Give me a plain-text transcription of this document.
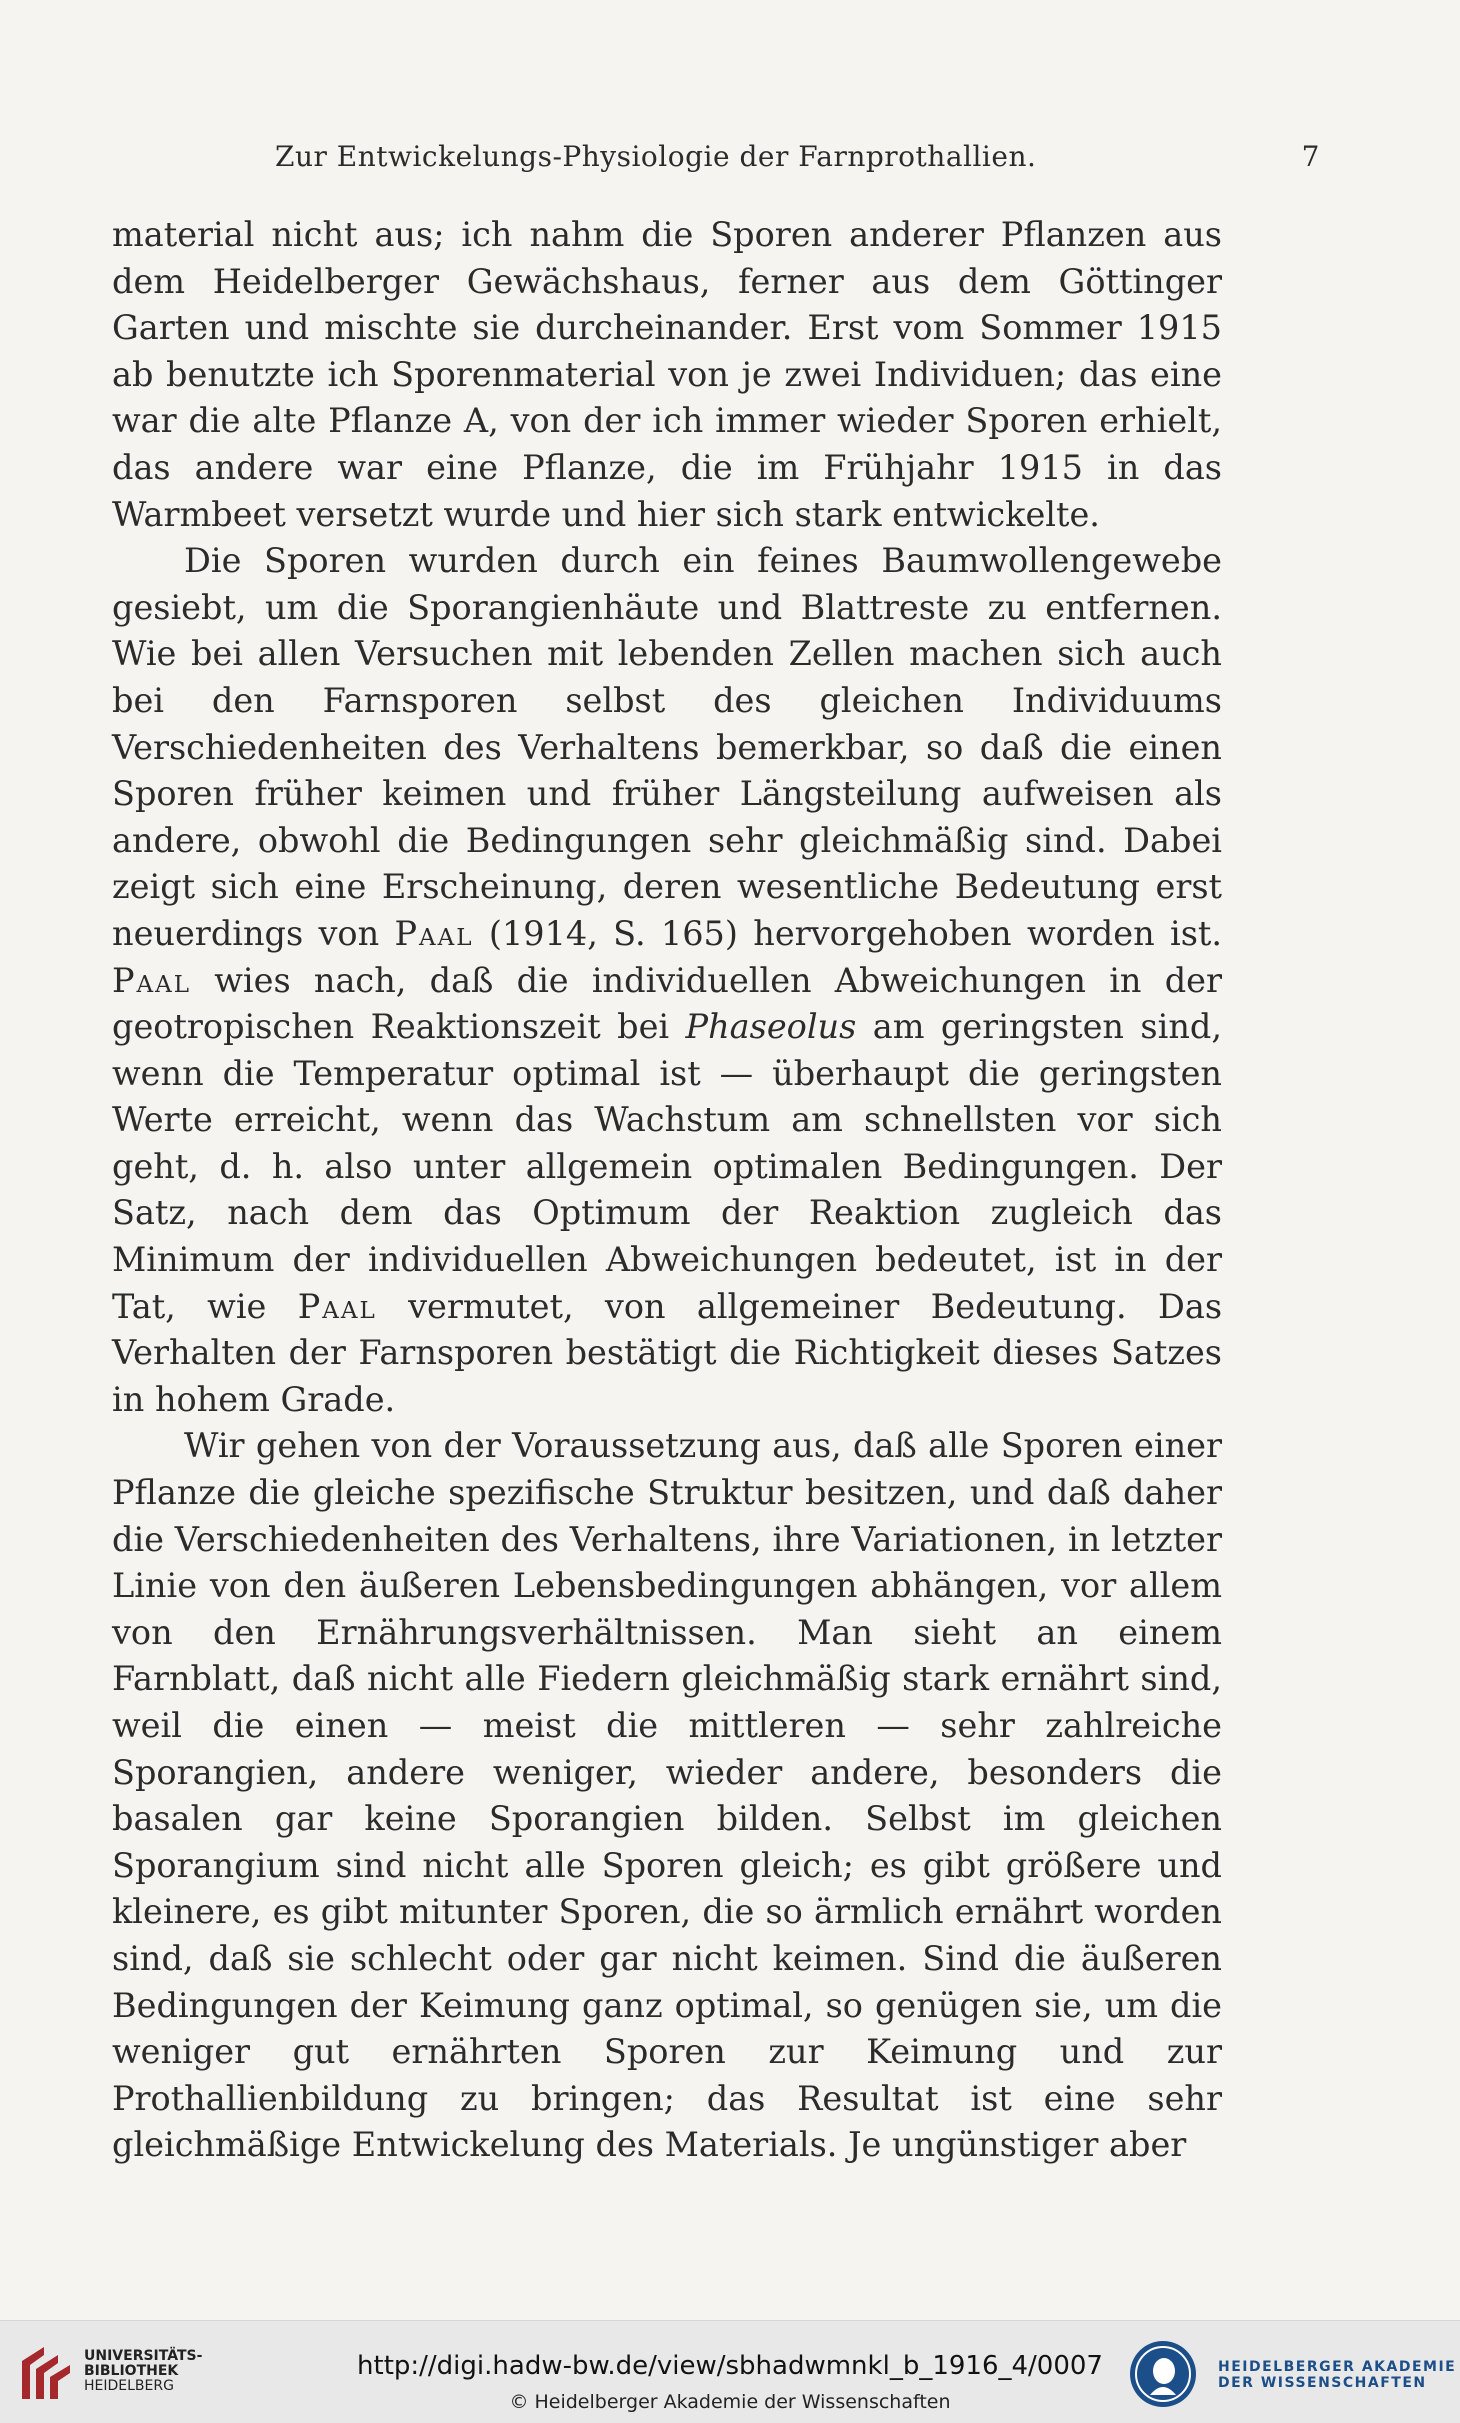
Zur Entwickelungs-Physiologie der Farnprothallien.	7

material nicht aus; ich nahm die Sporen anderer Pflanzen aus dem Heidelberger Gewächshaus, ferner aus dem Göttinger Garten und mischte sie durcheinander. Erst vom Sommer 1915 ab benutzte ich Sporenmaterial von je zwei Individuen; das eine war die alte Pflanze A, von der ich immer wieder Sporen erhielt, das andere war eine Pflanze, die im Frühjahr 1915 in das Warmbeet versetzt wurde und hier sich stark entwickelte.

Die Sporen wurden durch ein feines Baumwollengewebe gesiebt, um die Sporangienhäute und Blattreste zu entfernen. Wie bei allen Versuchen mit lebenden Zellen machen sich auch bei den Farnsporen selbst des gleichen Individuums Verschiedenheiten des Verhaltens bemerkbar, so daß die einen Sporen früher keimen und früher Längsteilung aufweisen als andere, obwohl die Bedingungen sehr gleichmäßig sind. Dabei zeigt sich eine Erscheinung, deren wesentliche Bedeutung erst neuerdings von Paal (1914, S. 165) hervorgehoben worden ist. Paal wies nach, daß die individuellen Abweichungen in der geotropischen Reaktionszeit bei Phaseolus am geringsten sind, wenn die Temperatur optimal ist — überhaupt die geringsten Werte erreicht, wenn das Wachstum am schnellsten vor sich geht, d. h. also unter allgemein optimalen Bedingungen. Der Satz, nach dem das Optimum der Reaktion zugleich das Minimum der individuellen Abweichungen bedeutet, ist in der Tat, wie Paal vermutet, von allgemeiner Bedeutung. Das Verhalten der Farnsporen bestätigt die Richtigkeit dieses Satzes in hohem Grade.

Wir gehen von der Voraussetzung aus, daß alle Sporen einer Pflanze die gleiche spezifische Struktur besitzen, und daß daher die Verschiedenheiten des Verhaltens, ihre Variationen, in letzter Linie von den äußeren Lebensbedingungen abhängen, vor allem von den Ernährungsverhältnissen. Man sieht an einem Farnblatt, daß nicht alle Fiedern gleichmäßig stark ernährt sind, weil die einen — meist die mittleren — sehr zahlreiche Sporangien, andere weniger, wieder andere, besonders die basalen gar keine Sporangien bilden. Selbst im gleichen Sporangium sind nicht alle Sporen gleich; es gibt größere und kleinere, es gibt mitunter Sporen, die so ärmlich ernährt worden sind, daß sie schlecht oder gar nicht keimen. Sind die äußeren Bedingungen der Keimung ganz optimal, so genügen sie, um die weniger gut ernährten Sporen zur Keimung und zur Prothallienbildung zu bringen; das Resultat ist eine sehr gleichmäßige Entwickelung des Materials. Je ungünstiger aber

UNIVERSITÄTS-
BIBLIOTHEK
HEIDELBERG
http://digi.hadw-bw.de/view/sbhadwmnkl_b_1916_4/0007
© Heidelberger Akademie der Wissenschaften
HEIDELBERGER AKADEMIE
DER WISSENSCHAFTEN
